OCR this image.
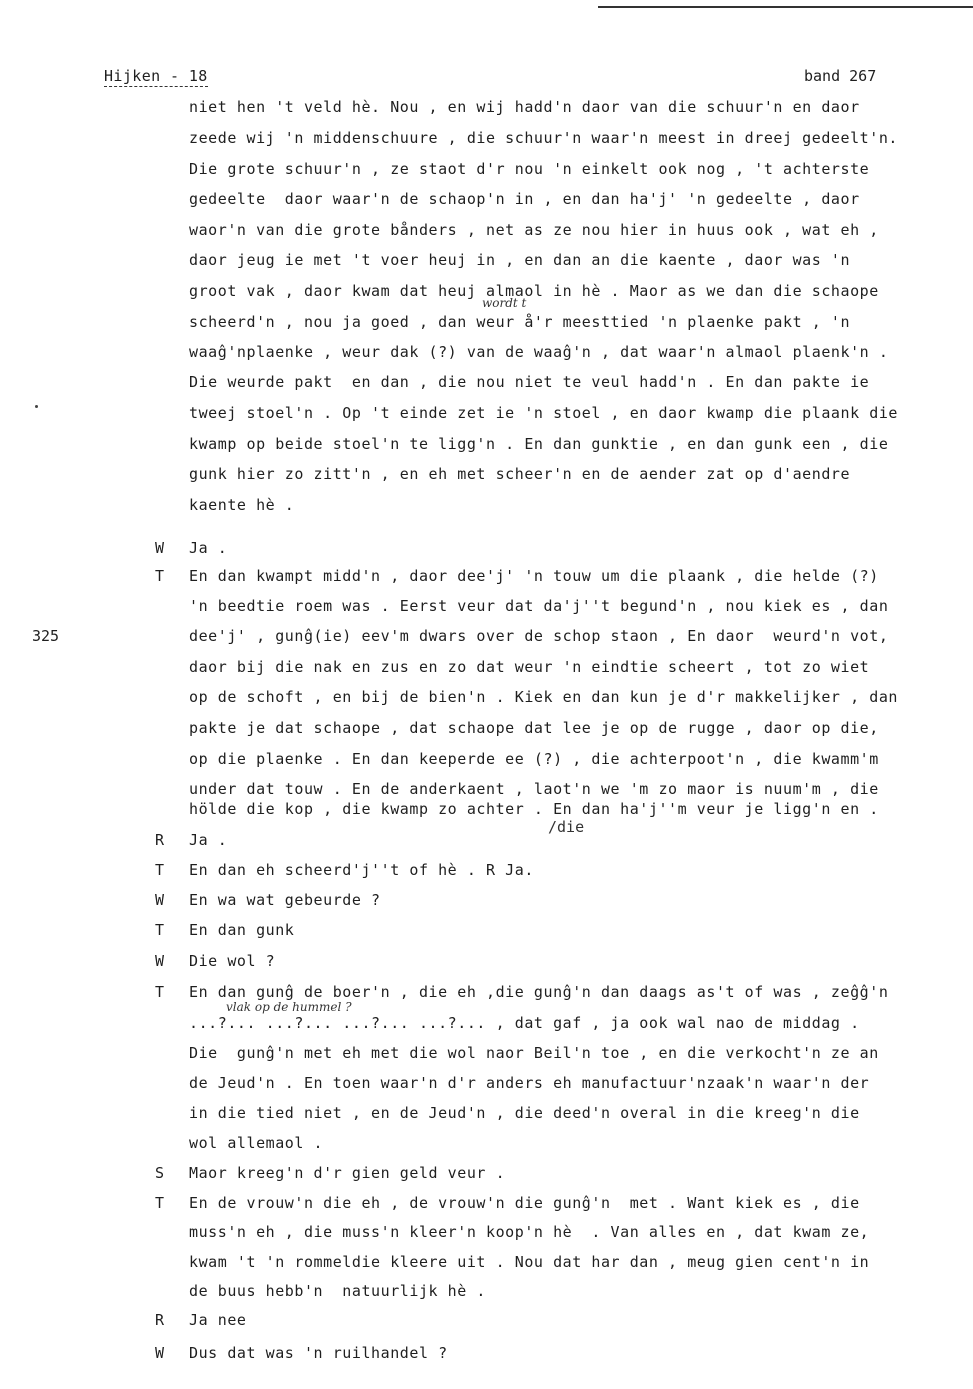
Hijken - 18	band 267
325
niet hen 't veld hè. Nou , en wij hadd'n daor van die schuur'n en daor
zeede wij 'n middenschuure , die schuur'n waar'n meest in dreej gedeelt'n.
Die grote schuur'n , ze staot d'r nou 'n einkelt ook nog , 't achterste
gedeelte  daor waar'n de schaop'n in , en dan ha'j' 'n gedeelte , daor
waor'n van die grote bånders , net as ze nou hier in huus ook , wat eh ,
daor jeug ie met 't voer heuj in , en dan an die kaente , daor was 'n
groot vak , daor kwam dat heuj almaol in hè . Maor as we dan die schaope
wordt t
scheerd'n , nou ja goed , dan weur å'r meesttied 'n plaenke pakt , 'n
waaĝ'nplaenke , weur dak (?) van de waaĝ'n , dat waar'n almaol plaenk'n .
Die weurde pakt  en dan , die nou niet te veul hadd'n . En dan pakte ie
tweej stoel'n . Op 't einde zet ie 'n stoel , en daor kwamp die plaank die
kwamp op beide stoel'n te ligg'n . En dan gunktie , en dan gunk een , die
gunk hier zo zitt'n , en eh met scheer'n en de aender zat op d'aendre
kaente hè .
W Ja .
T En dan kwampt midd'n , daor dee'j' 'n touw um die plaank , die helde (?)
'n beedtie roem was . Eerst veur dat da'j''t begund'n , nou kiek es , dan
dee'j' , gunĝ(ie) eev'm dwars over de schop staon , En daor  weurd'n vot,
daor bij die nak en zus en zo dat weur 'n eindtie scheert , tot zo wiet
op de schoft , en bij de bien'n . Kiek en dan kun je d'r makkelijker , dan
pakte je dat schaope , dat schaope dat lee je op de rugge , daor op die,
op die plaenke . En dan keeperde ee (?) , die achterpoot'n , die kwamm'm
under dat touw . En de anderkaent , laot'n we 'm zo maor is nuum'm , die
hölde die kop , die kwamp zo achter . En dan ha'j''m veur je ligg'n en .
/die
R Ja .
T En dan eh scheerd'j''t of hè . R Ja.
W En wa wat gebeurde ?
T En dan gunk
W Die wol ?
T En dan gunĝ de boer'n , die eh ,die gunĝ'n dan daags as't of was , zeĝĝ'n
vlak op de hummel ?
...?... ...?... ...?... ...?... , dat gaf , ja ook wal nao de middag .
Die  gunĝ'n met eh met die wol naor Beil'n toe , en die verkocht'n ze an
de Jeud'n . En toen waar'n d'r anders eh manufactuur'nzaak'n waar'n der
in die tied niet , en de Jeud'n , die deed'n overal in die kreeg'n die
wol allemaol .
S Maor kreeg'n d'r gien geld veur .
T En de vrouw'n die eh , de vrouw'n die gunĝ'n  met . Want kiek es , die
muss'n eh , die muss'n kleer'n koop'n hè  . Van alles en , dat kwam ze,
kwam 't 'n rommeldie kleere uit . Nou dat har dan , meug gien cent'n in
de buus hebb'n  natuurlijk hè .
R Ja nee
W Dus dat was 'n ruilhandel ?
